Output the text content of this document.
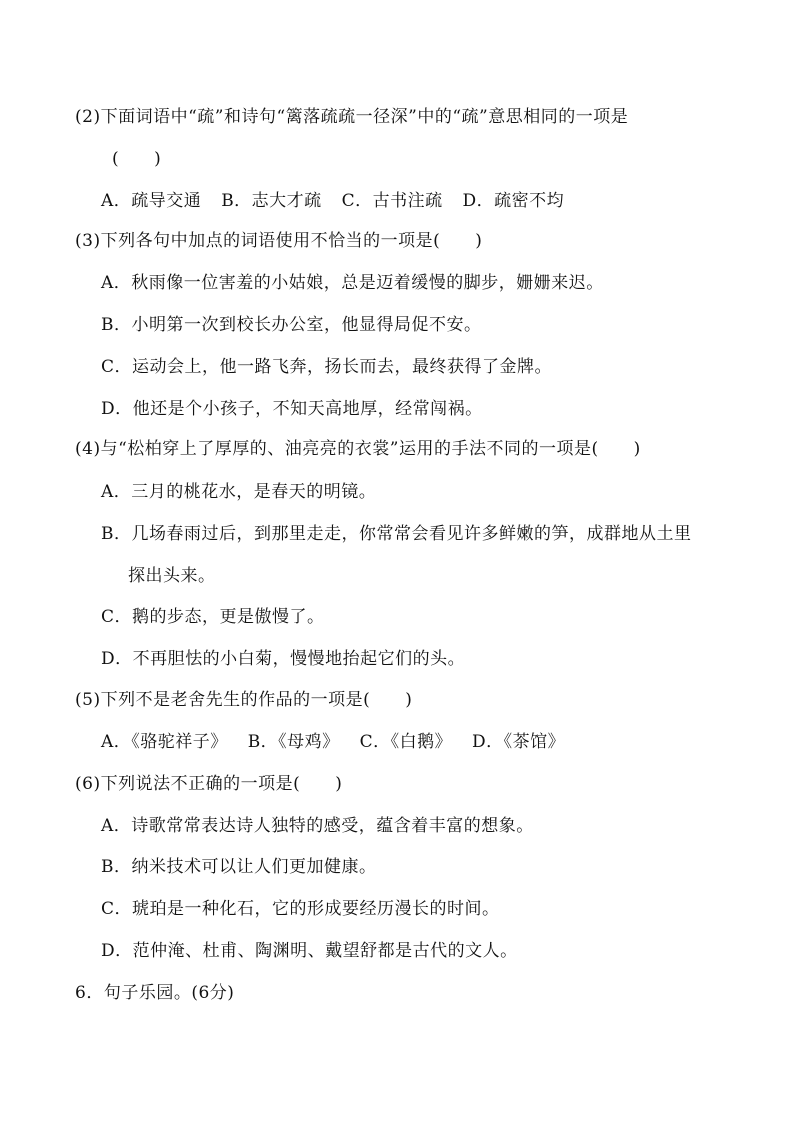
(2)下面词语中“疏”和诗句“篱落疏疏一径深”中的“疏”意思相同的一项是
(　　)
A．疏导交通 B．志大才疏 C．古书注疏 D．疏密不均
(3)下列各句中加点的词语使用不恰当的一项是(　　)
A．秋雨像一位害羞的小姑娘，总是迈着缓慢的脚步，姗姗来迟。
B．小明第一次到校长办公室，他显得局促不安。
C．运动会上，他一路飞奔，扬长而去，最终获得了金牌。
D．他还是个小孩子，不知天高地厚，经常闯祸。
(4)与“松柏穿上了厚厚的、油亮亮的衣裳”运用的手法不同的一项是(　　)
A．三月的桃花水，是春天的明镜。
B．几场春雨过后，到那里走走，你常常会看见许多鲜嫩的笋，成群地从土里
探出头来。
C．鹅的步态，更是傲慢了。
D．不再胆怯的小白菊，慢慢地抬起它们的头。
(5)下列不是老舍先生的作品的一项是(　　)
A．《骆驼祥子》 B．《母鸡》 C．《白鹅》 D．《茶馆》
(6)下列说法不正确的一项是(　　)
A．诗歌常常表达诗人独特的感受，蕴含着丰富的想象。
B．纳米技术可以让人们更加健康。
C．琥珀是一种化石，它的形成要经历漫长的时间。
D．范仲淹、杜甫、陶渊明、戴望舒都是古代的文人。
6．句子乐园。(6分)
